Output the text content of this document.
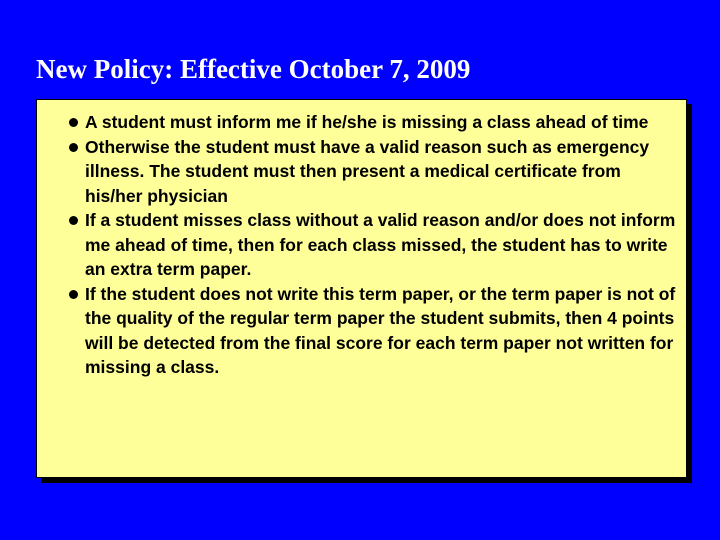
New Policy: Effective October 7, 2009
A student must inform me if he/she is missing a class ahead of time
Otherwise the student must have a valid reason such as emergency illness. The student must then present a medical certificate from his/her physician
If a student misses class without a valid reason and/or does not inform me ahead of time, then for each class missed, the student has to write an extra term paper.
If the student does not write this term paper, or the term paper is not of the quality of the regular term paper the student submits, then 4 points will be detected from the final score for each term paper not written for missing a class.
